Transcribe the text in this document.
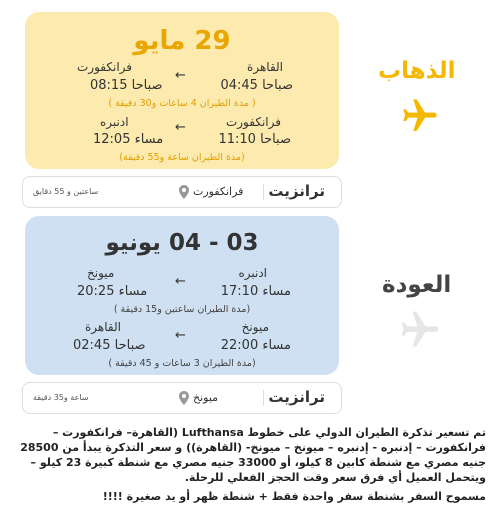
29 مايو
القاهرة
04:45 صباحا
←
فرانكفورت
08:15 صباحا
( مدة الطيران 4 ساعات و30 دقيقة )
فرانكفورت
11:10 صباحا
←
ادنبره
12:05 مساء
(مدة الطيران ساعة و55 دقيقة)
الذهاب
ترانزيت
فرانكفورت
ساعتين و 55 دقايق
03 - 04 يونيو
ادنبره
17:10 مساء
←
ميونخ
20:25 مساء
( مدة الطيران ساعتين و15 دقيقة)
ميونخ
22:00 مساء
←
القاهرة
02:45 صباحا
( مدة الطيران 3 ساعات و 45 دقيقة)
العودة
ترانزيت
ميونخ
ساعة و35 دقيقة
تم تسعير تذكرة الطيران الدولي على خطوط Lufthansa (القاهرة– فرانكفورت – فرانكفورت – إدنبره - إدنبره – ميونخ – ميونخ- (القاهرة)) و سعر التذكرة يبدأ من 28500 جنيه مصري مع شنطة كابين 8 كيلو، أو 33000 جنيه مصري مع شنطة كبيرة 23 كيلو – ويتحمل العميل أي فرق سعر وقت الحجز الفعلي للرحلة.
مسموح السفر بشنطة سفر واحدة فقط + شنطة ظهر أو يد صغيرة !!!!
